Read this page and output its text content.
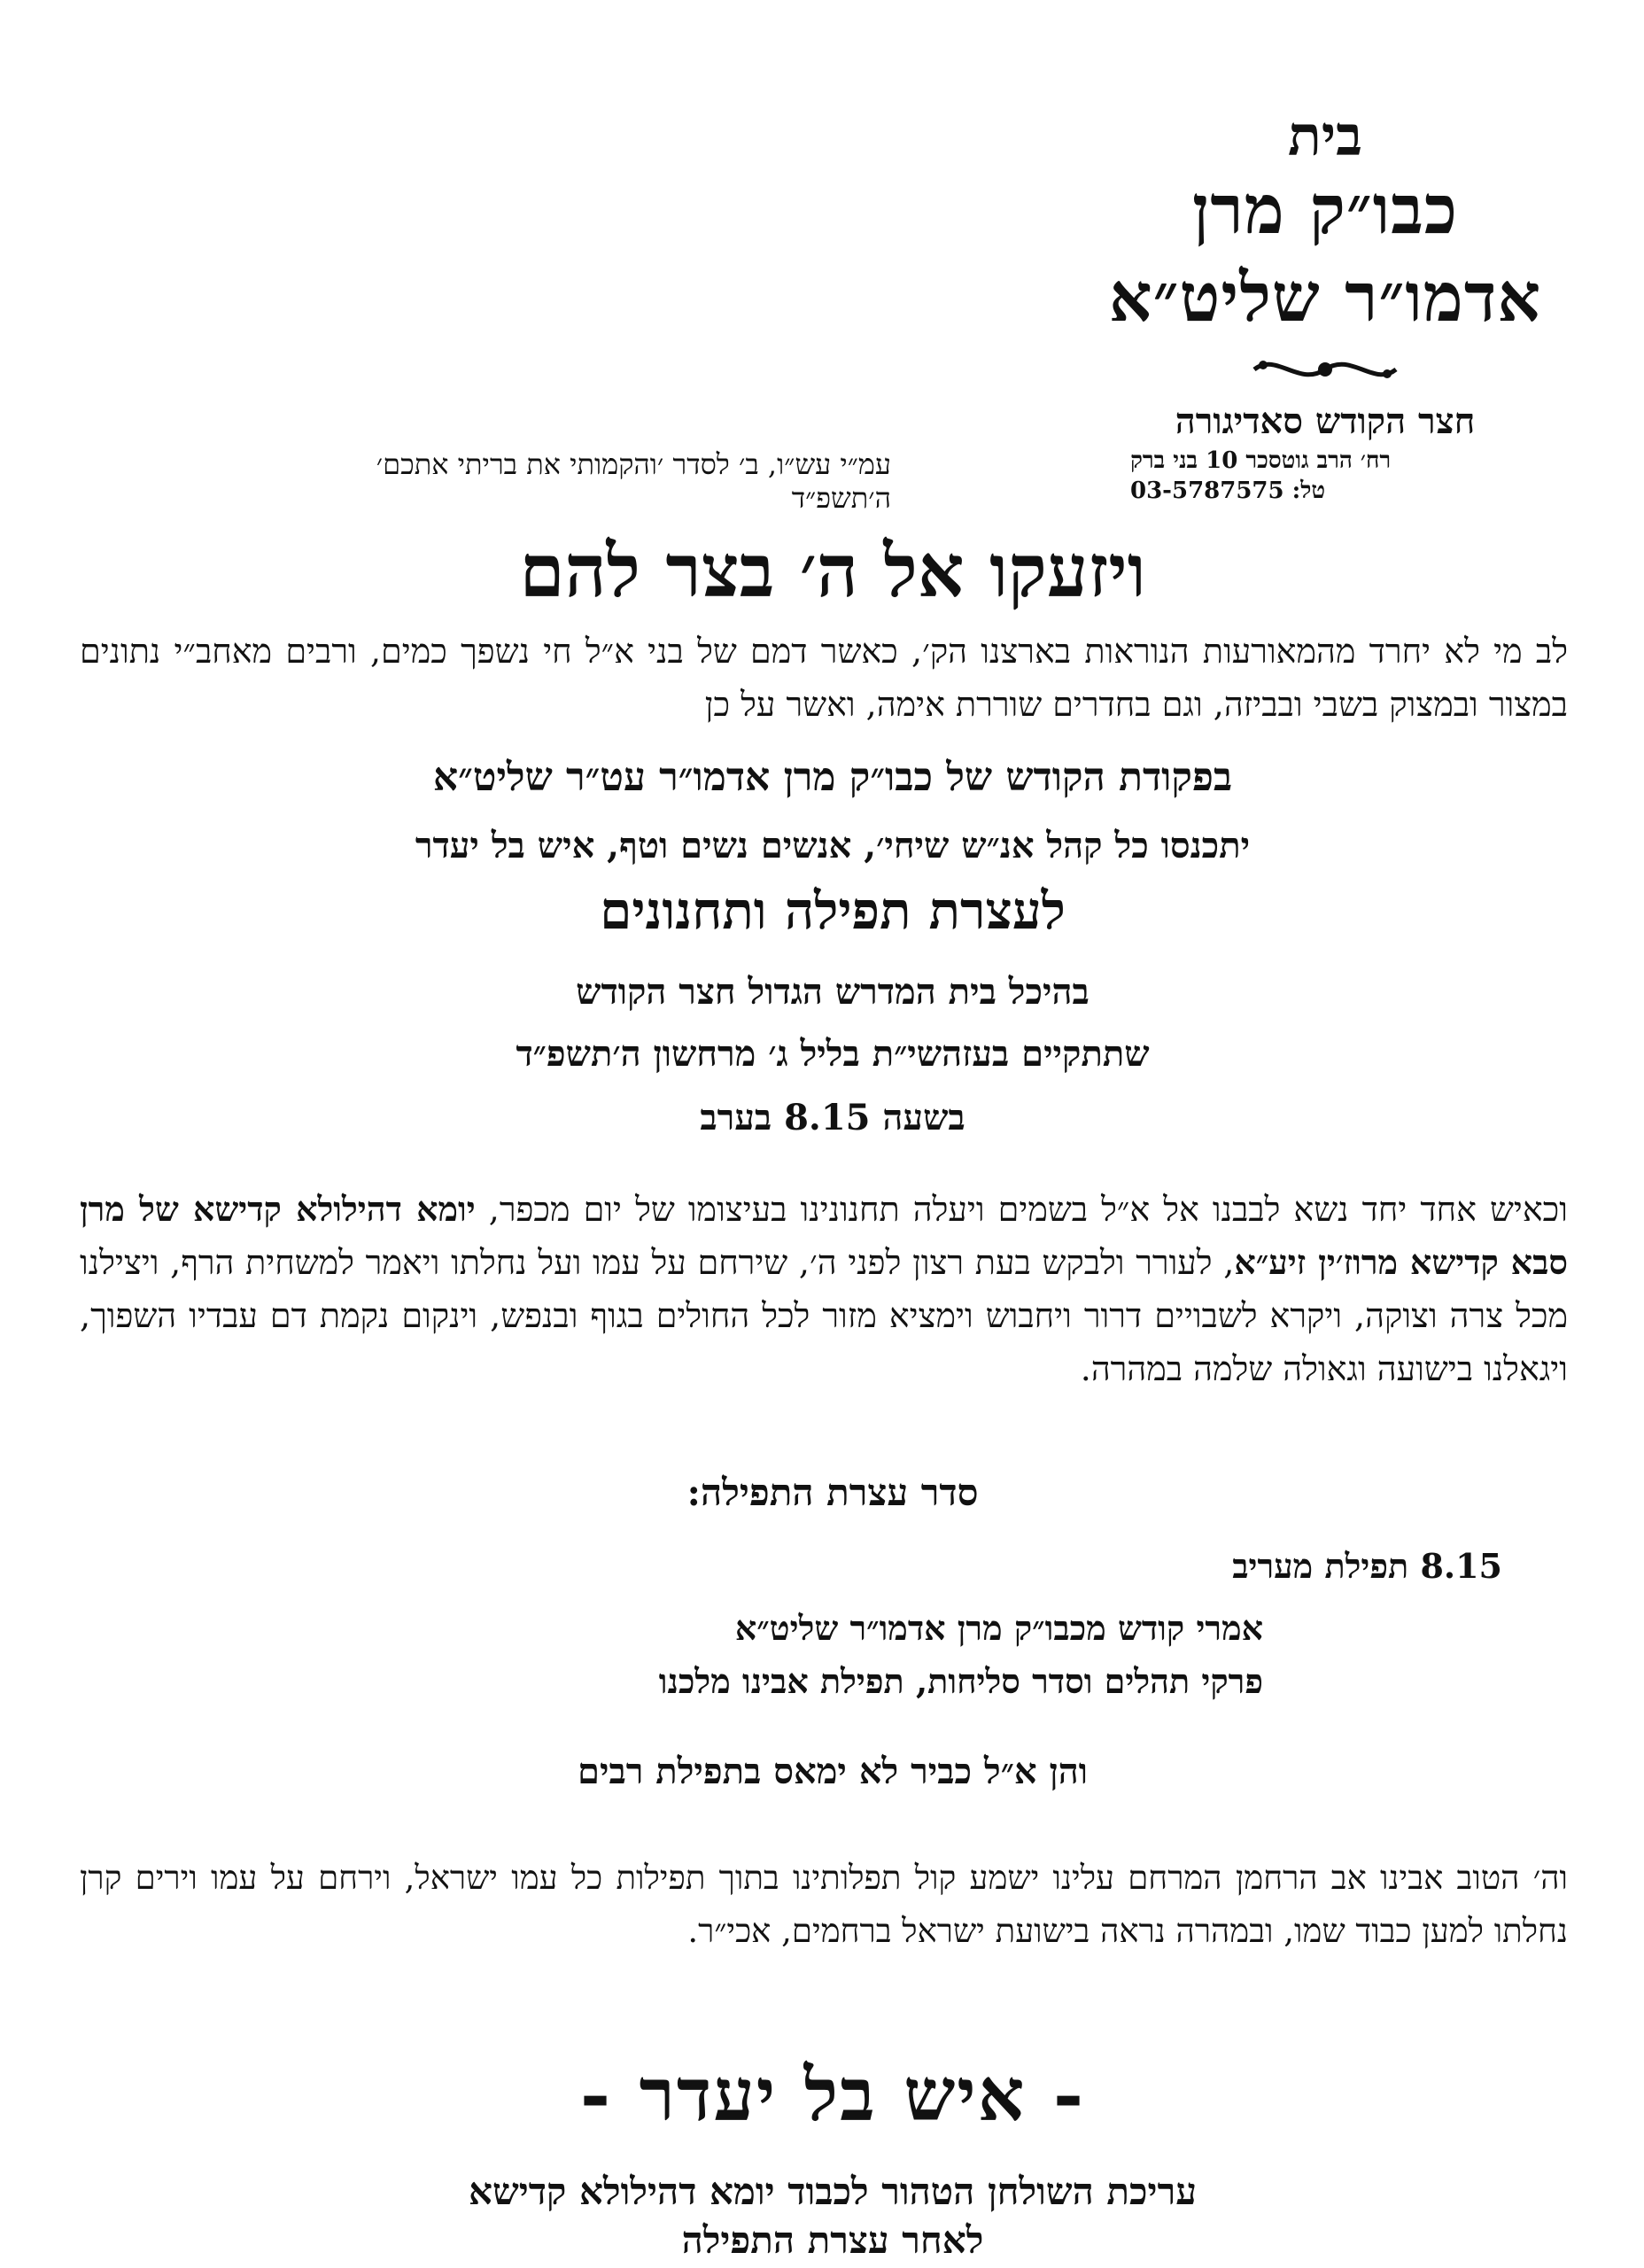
בית
כבו״ק מרן אדמו״ר שליט״א
חצר הקודש סאדיגורה
רח׳ הרב גוטסכר 10 בני ברק
טל: 03-5787575
עמ״י עש״ו, ב׳ לסדר ׳והקמותי את בריתי אתכם׳ ה׳תשפ״ד
ויזעקו אל ה׳ בצר להם
לב מי לא יחרד מהמאורעות הנוראות בארצנו הק׳, כאשר דמם של בני א״ל חי נשפך כמים, ורבים מאחב״י נתונים במצור ובמצוק בשבי ובביזה, וגם בחדרים שוררת אימה, ואשר על כן
בפקודת הקודש של כבו״ק מרן אדמו״ר עט״ר שליט״א
יתכנסו כל קהל אנ״ש שיחי׳, אנשים נשים וטף, איש בל יעדר
לעצרת תפילה ותחנונים
בהיכל בית המדרש הגדול חצר הקודש
שתתקיים בעזהשי״ת בליל ג׳ מרחשון ה׳תשפ״ד
בשעה 8.15 בערב
וכאיש אחד יחד נשא לבבנו אל א״ל בשמים ויעלה תחנונינו בעיצומו של יום מכפר, יומא דהילולא קדישא של מרן סבא קדישא מרוז׳ין זיע״א, לעורר ולבקש בעת רצון לפני ה׳, שירחם על עמו ועל נחלתו ויאמר למשחית הרף, ויצילנו מכל צרה וצוקה, ויקרא לשבויים דרור ויחבוש וימציא מזור לכל החולים בגוף ובנפש, וינקום נקמת דם עבדיו השפוך, ויגאלנו בישועה וגאולה שלמה במהרה.
סדר עצרת התפילה:
8.15 תפילת מעריב
אמרי קודש מכבו״ק מרן אדמו״ר שליט״א
פרקי תהלים וסדר סליחות, תפילת אבינו מלכנו
והן א״ל כביר לא ימאס בתפילת רבים
וה׳ הטוב אבינו אב הרחמן המרחם עלינו ישמע קול תפלותינו בתוך תפילות כל עמו ישראל, וירחם על עמו וירים קרן נחלתו למען כבוד שמו, ובמהרה נראה בישועת ישראל ברחמים, אכי״ר.
- איש בל יעדר -
עריכת השולחן הטהור לכבוד יומא דהילולא קדישא
לאחר עצרת התפילה
